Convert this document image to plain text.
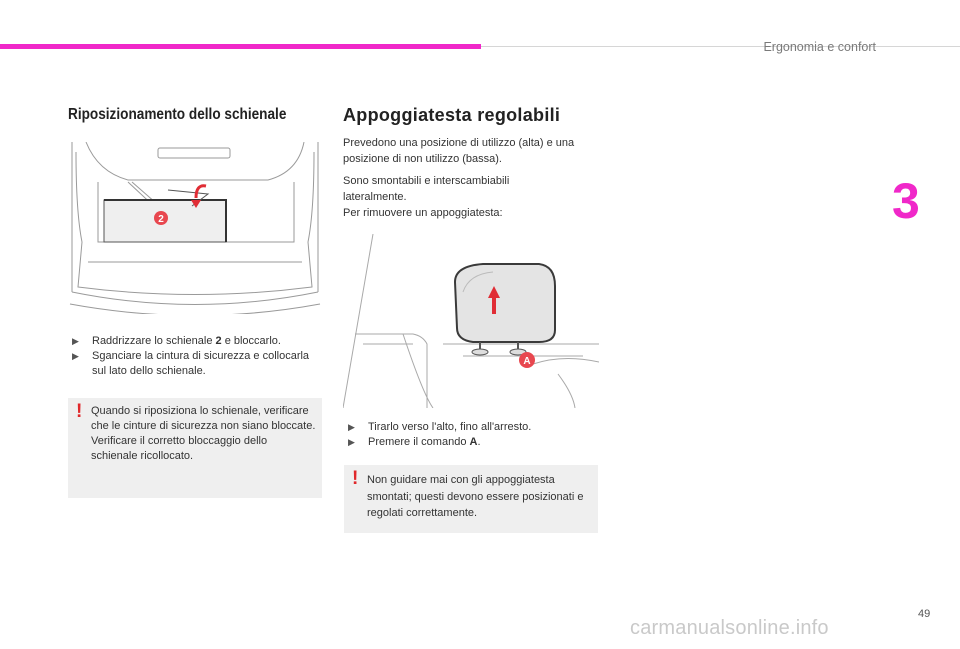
Ergonomia e confort
3
Riposizionamento dello schienale
2
▶ Raddrizzare lo schienale 2 e bloccarlo.
▶ Sganciare la cintura di sicurezza e collocarla sul lato dello schienale.
! Quando si riposiziona lo schienale, verificare che le cinture di sicurezza non siano bloccate.
Verificare il corretto bloccaggio dello schienale ricollocato.
Appoggiatesta regolabili

Prevedono una posizione di utilizzo (alta) e una posizione di non utilizzo (bassa).

Sono smontabili e interscambiabili lateralmente.

Per rimuovere un appoggiatesta:

A
▶ Tirarlo verso l'alto, fino all'arresto.
▶ Premere il comando A.
! Non guidare mai con gli appoggiatesta smontati; questi devono essere posizionati e regolati correttamente.
49
carmanualsonline.info
